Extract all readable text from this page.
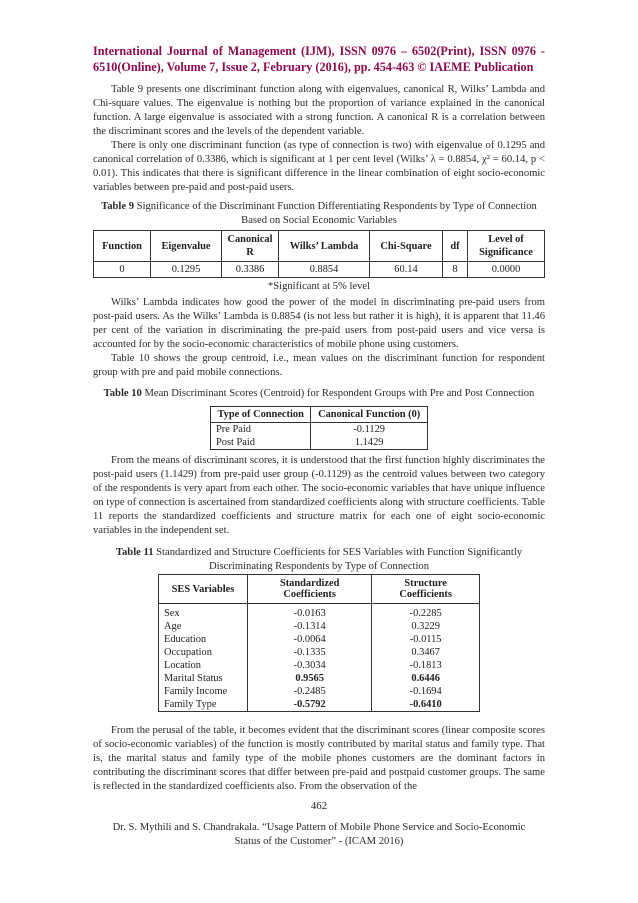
International Journal of Management (IJM), ISSN 0976 – 6502(Print), ISSN 0976 - 6510(Online), Volume 7, Issue 2, February (2016), pp. 454-463 © IAEME Publication
Table 9 presents one discriminant function along with eigenvalues, canonical R, Wilks’ Lambda and Chi-square values. The eigenvalue is nothing but the proportion of variance explained in the canonical function. A large eigenvalue is associated with a strong function. A canonical R is a correlation between the discriminant scores and the levels of the dependent variable.
There is only one discriminant function (as type of connection is two) with eigenvalue of 0.1295 and canonical correlation of 0.3386, which is significant at 1 per cent level (Wilks’ λ = 0.8854, χ² = 60.14, p < 0.01). This indicates that there is significant difference in the linear combination of eight socio-economic variables between pre-paid and post-paid users.
Table 9 Significance of the Discriminant Function Differentiating Respondents by Type of Connection Based on Social Economic Variables
Function	Eigenvalue	Canonical R	Wilks’ Lambda	Chi-Square	df	Level of Significance
0	0.1295	0.3386	0.8854	60.14	8	0.0000
*Significant at 5% level
Wilks’ Lambda indicates how good the power of the model in discriminating pre-paid users from post-paid users. As the Wilks’ Lambda is 0.8854 (is not less but rather it is high), it is apparent that 11.46 per cent of the variation in discriminating the pre-paid users from post-paid users and vice versa is accounted for by the socio-economic characteristics of mobile phone using customers.
Table 10 shows the group centroid, i.e., mean values on the discriminant function for respondent group with pre and paid mobile connections.
Table 10 Mean Discriminant Scores (Centroid) for Respondent Groups with Pre and Post Connection
Type of Connection	Canonical Function (0)
Pre Paid	-0.1129
Post Paid	1.1429
From the means of discriminant scores, it is understood that the first function highly discriminates the post-paid users (1.1429) from pre-paid user group (-0.1129) as the centroid values between two category of the respondents is very apart from each other. The socio-economic variables that have unique influence on type of connection is ascertained from standardized coefficients along with structure coefficients. Table 11 reports the standardized coefficients and structure matrix for each one of eight socio-economic variables in the independent set.
Table 11 Standardized and Structure Coefficients for SES Variables with Function Significantly Discriminating Respondents by Type of Connection
SES Variables	Standardized Coefficients	Structure Coefficients
Sex	-0.0163	-0.2285
Age	-0.1314	0.3229
Education	-0.0064	-0.0115
Occupation	-0.1335	0.3467
Location	-0.3034	-0.1813
Marital Status	0.9565	0.6446
Family Income	-0.2485	-0.1694
Family Type	-0.5792	-0.6410
From the perusal of the table, it becomes evident that the discriminant scores (linear composite scores of socio-economic variables) of the function is mostly contributed by marital status and family type. That is, the marital status and family type of the mobile phones customers are the dominant factors in contributing the discriminant scores that differ between pre-paid and postpaid customer groups. The same is reflected in the standardized coefficients also. From the observation of the
462
Dr. S. Mythili and S. Chandrakala. “Usage Pattern of Mobile Phone Service and Socio-Economic Status of the Customer” - (ICAM 2016)
